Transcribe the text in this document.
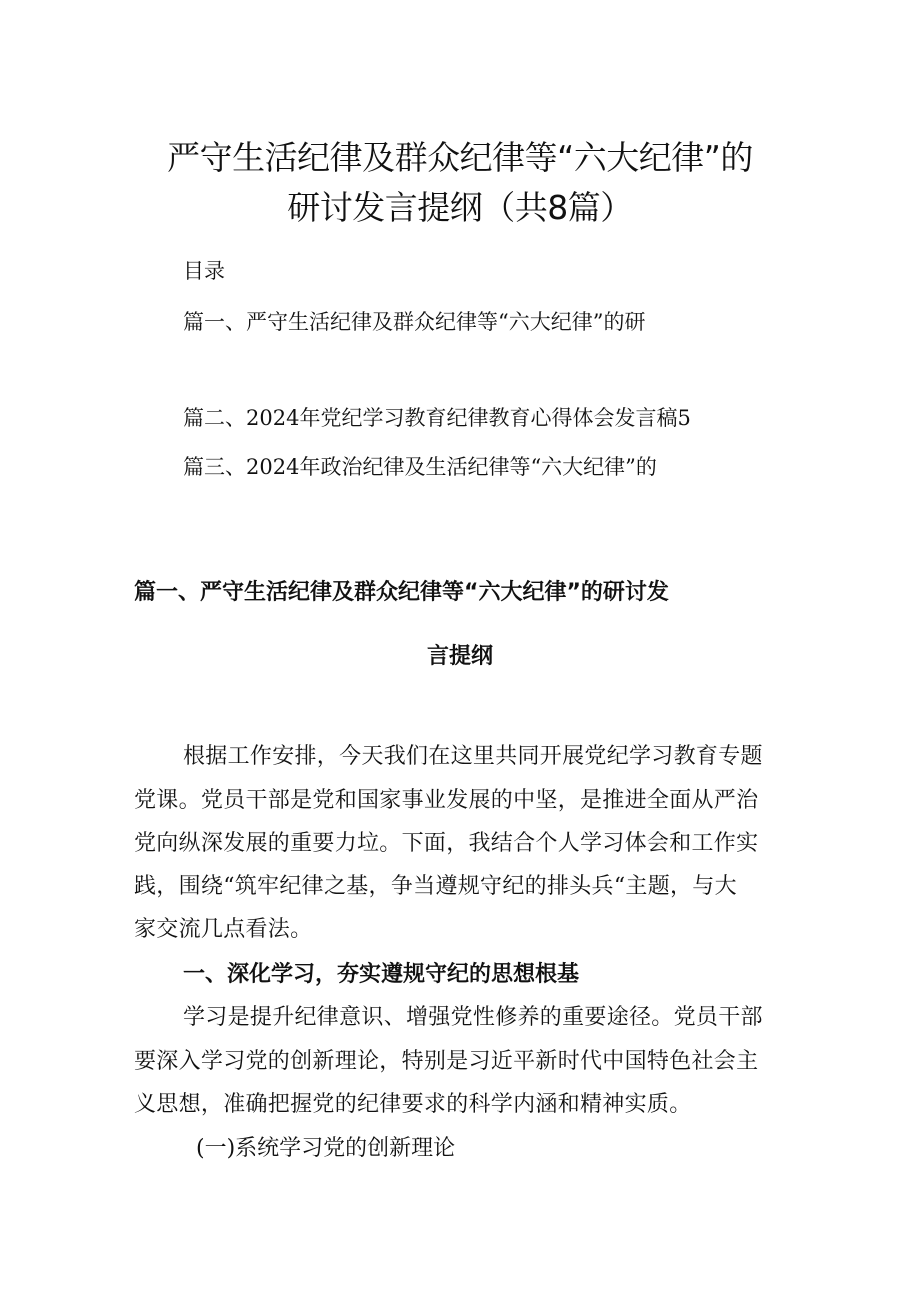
严守生活纪律及群众纪律等“六大纪律”的
研讨发言提纲（共8篇）
目录
篇一、严守生活纪律及群众纪律等“六大纪律”的研
篇二、2024年党纪学习教育纪律教育心得体会发言稿5
篇三、2024年政治纪律及生活纪律等“六大纪律”的
篇一、严守生活纪律及群众纪律等“六大纪律”的研讨发
言提纲
根据工作安排，今天我们在这里共同开展党纪学习教育专题
党课。党员干部是党和国家事业发展的中坚，是推进全面从严治
党向纵深发展的重要力垃。下面，我结合个人学习体会和工作实
践，围绕“筑牢纪律之基，争当遵规守纪的排头兵“主题，与大
家交流几点看法。
一、深化学习，夯实遵规守纪的思想根基
学习是提升纪律意识、增强党性修养的重要途径。党员干部
要深入学习党的创新理论，特别是习近平新时代中国特色社会主
义思想，准确把握党的纪律要求的科学内涵和精神实质。
(一)系统学习党的创新理论
